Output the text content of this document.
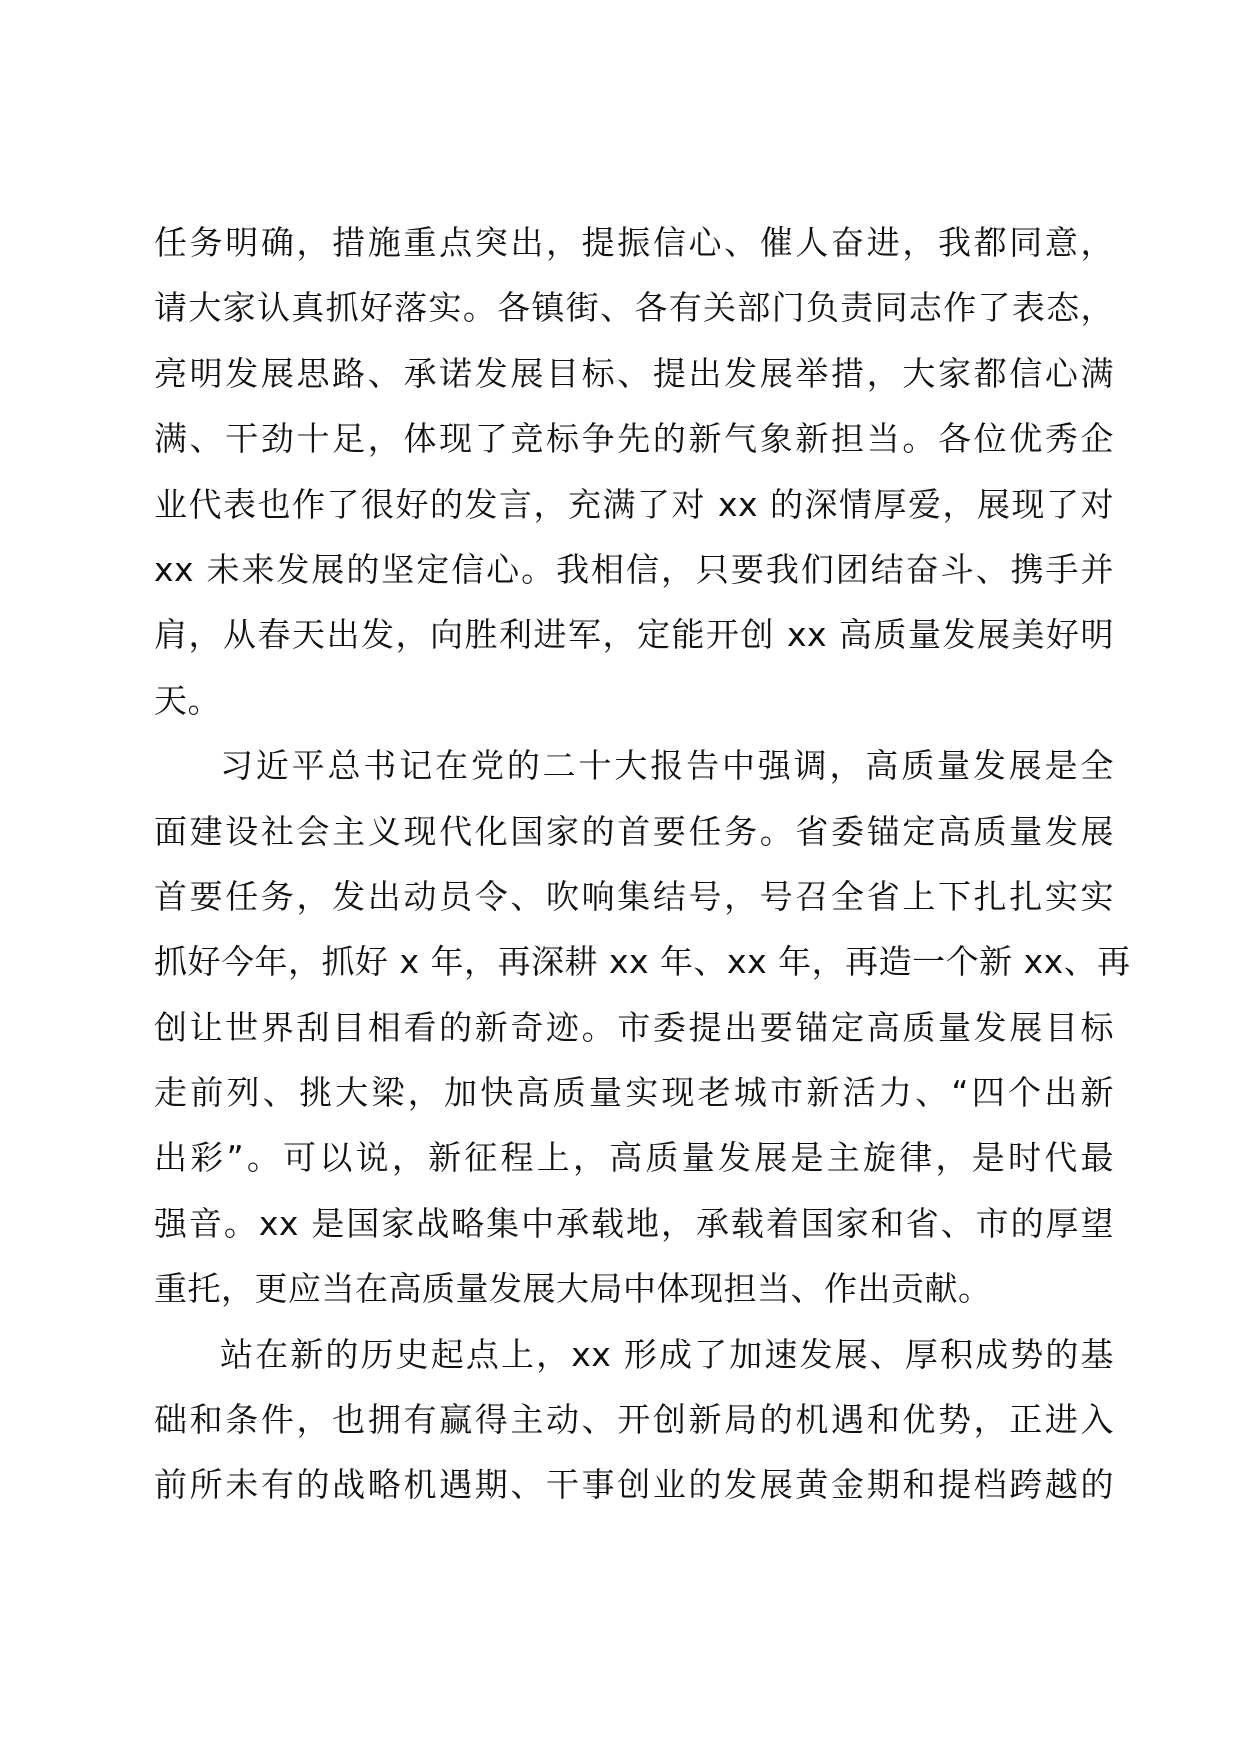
任务明确，措施重点突出，提振信心、催人奋进，我都同意，
请大家认真抓好落实。各镇街、各有关部门负责同志作了表态，
亮明发展思路、承诺发展目标、提出发展举措，大家都信心满
满、干劲十足，体现了竞标争先的新气象新担当。各位优秀企
业代表也作了很好的发言，充满了对 xx 的深情厚爱，展现了对
xx 未来发展的坚定信心。我相信，只要我们团结奋斗、携手并
肩，从春天出发，向胜利进军，定能开创 xx 高质量发展美好明
天。
习近平总书记在党的二十大报告中强调，高质量发展是全
面建设社会主义现代化国家的首要任务。省委锚定高质量发展
首要任务，发出动员令、吹响集结号，号召全省上下扎扎实实
抓好今年，抓好 x 年，再深耕 xx 年、xx 年，再造一个新 xx、再
创让世界刮目相看的新奇迹。市委提出要锚定高质量发展目标
走前列、挑大梁，加快高质量实现老城市新活力、“四个出新
出彩”。可以说，新征程上，高质量发展是主旋律，是时代最
强音。xx 是国家战略集中承载地，承载着国家和省、市的厚望
重托，更应当在高质量发展大局中体现担当、作出贡献。
站在新的历史起点上，xx 形成了加速发展、厚积成势的基
础和条件，也拥有赢得主动、开创新局的机遇和优势，正进入
前所未有的战略机遇期、干事创业的发展黄金期和提档跨越的
